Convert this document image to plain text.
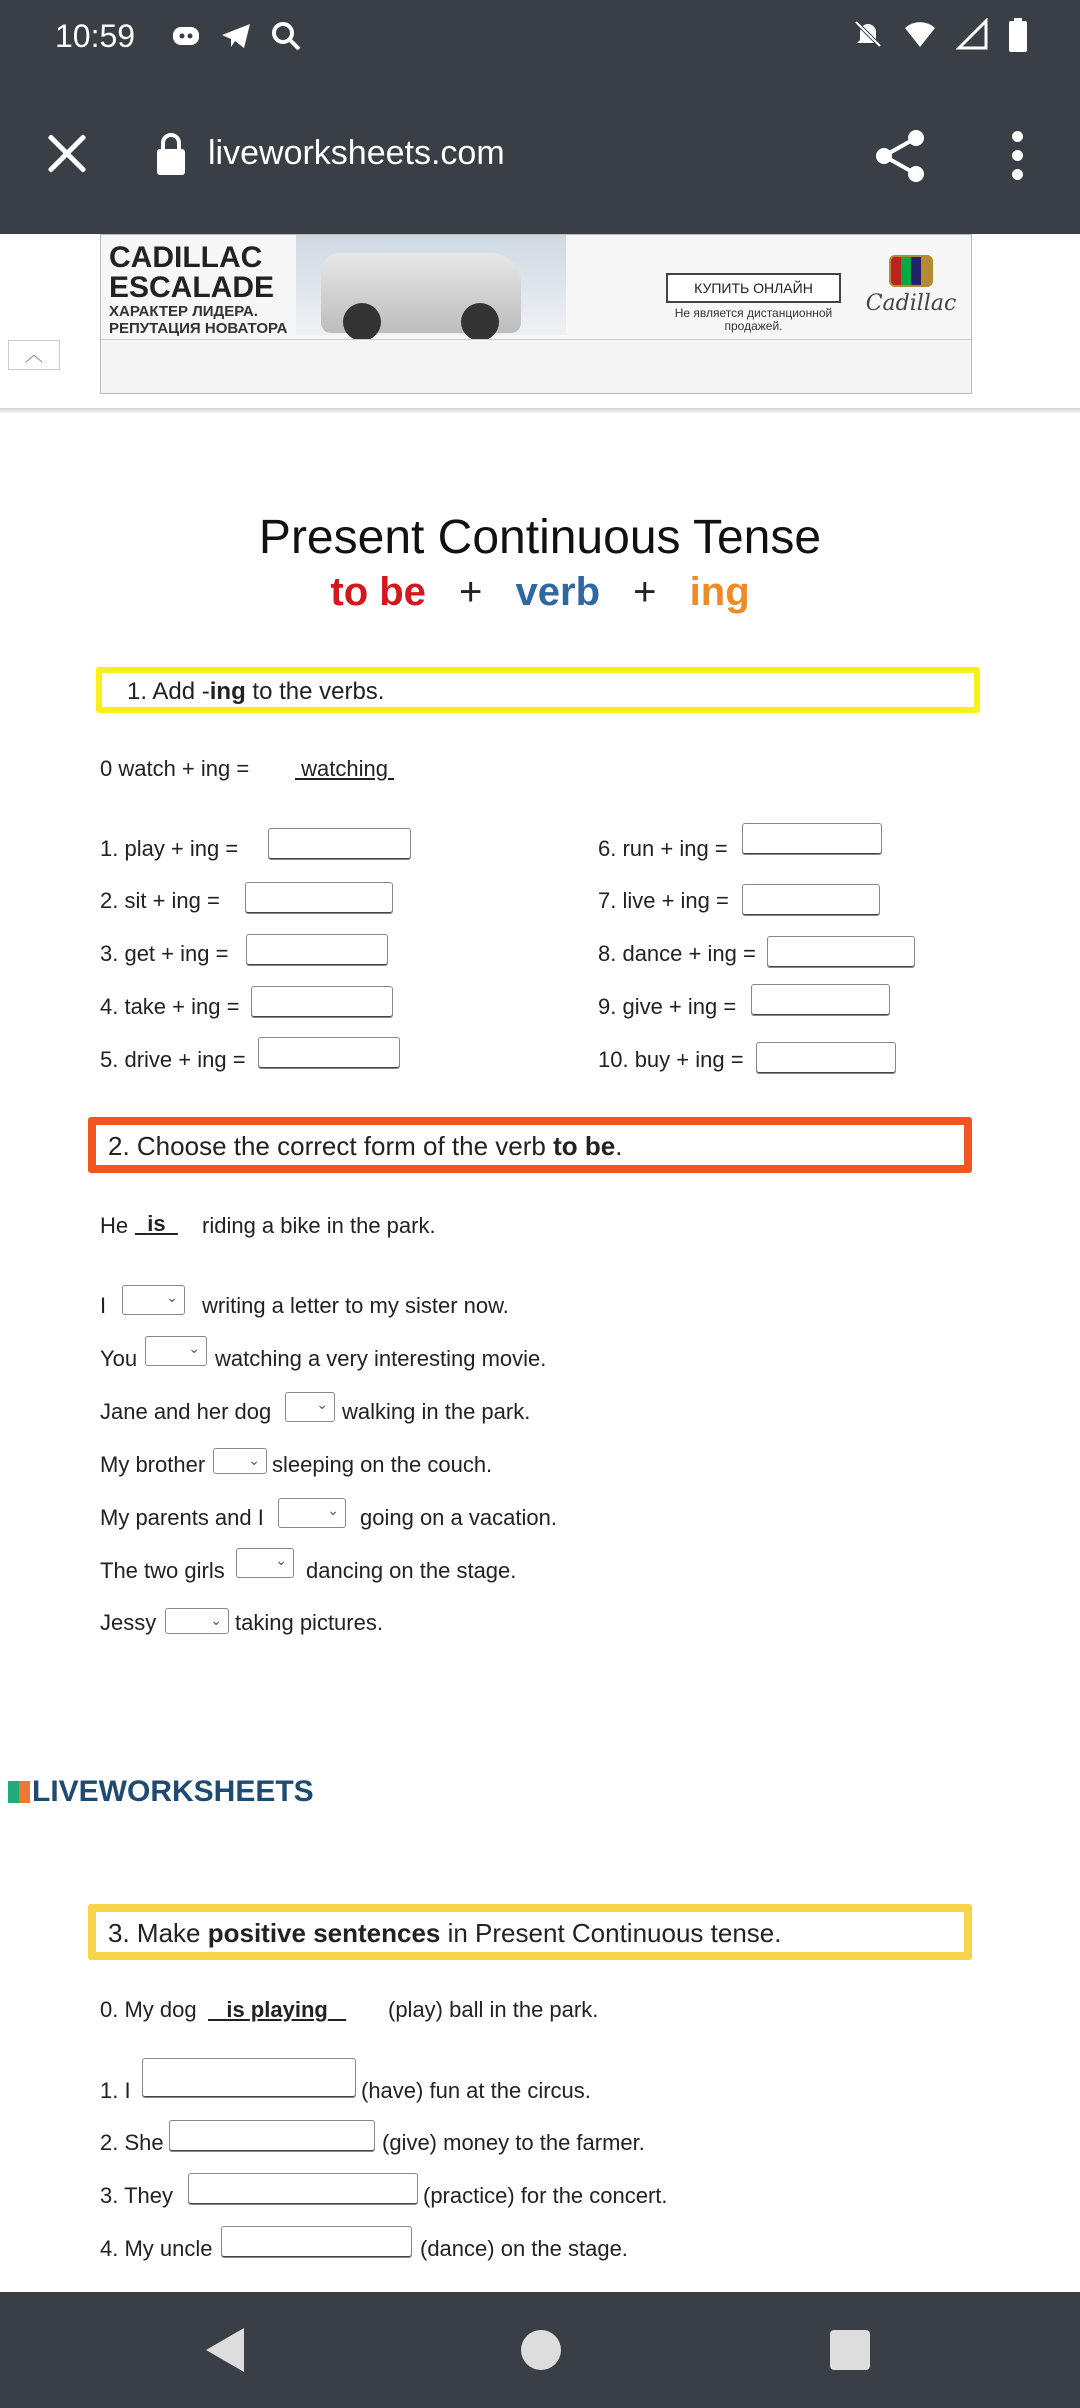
10:59
liveworksheets.com
CADILLAC
ESCALADE
ХАРАКТЕР ЛИДЕРА.
РЕПУТАЦИЯ НОВАТОРА
КУПИТЬ ОНЛАЙН
Не является дистанционной продажей.
Cadillac
︿
Present Continuous Tense
to be + verb + ing
1. Add -ing to the verbs.
0 watch + ing = watching
1. play + ing =
2. sit + ing =
3. get + ing =
4. take + ing =
5. drive + ing =
6. run + ing =
7. live + ing =
8. dance + ing =
9. give + ing =
10. buy + ing =
2. Choose the correct form of the verb to be.
He is	riding a bike in the park.
I	⌄ writing a letter to my sister now.
You	⌄ watching a very interesting movie.
Jane and her dog	⌄ walking in the park.
My brother	⌄ sleeping on the couch.
My parents and I	⌄ going on a vacation.
The two girls	⌄ dancing on the stage.
Jessy	⌄ taking pictures.
LIVEWORKSHEETS
3. Make positive sentences in Present Continuous tense.
0. My dog	is playing	(play) ball in the park.
1. I	(have) fun at the circus.
2. She	(give) money to the farmer.
3. They	(practice) for the concert.
4. My uncle	(dance) on the stage.
